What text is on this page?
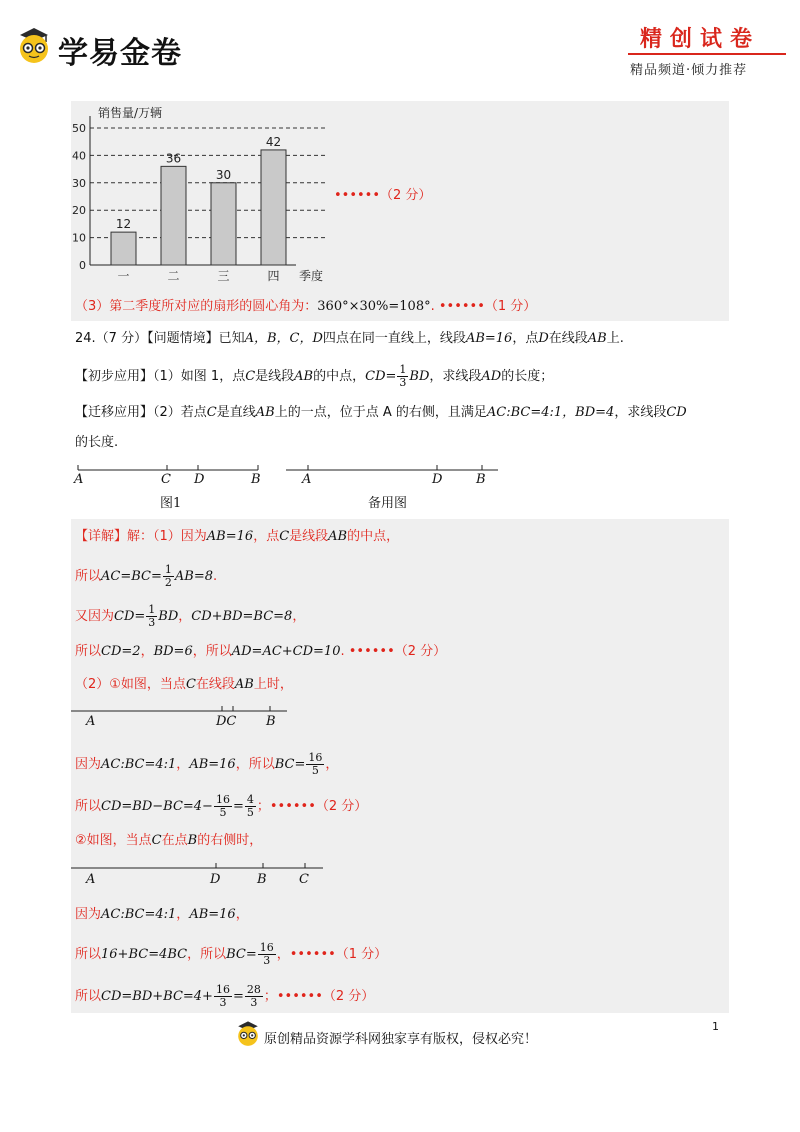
学易金卷	精创试卷
精品频道·倾力推荐
销售量/万辆
0
10
20
30
40
50
12
一
36
二
30
三
42
四 季度
••••••（2 分）
（3）第二季度所对应的扇形的圆心角为：360°×30%=108°. ••••••（1 分）
24.（7 分）【问题情境】已知A，B，C，D四点在同一直线上，线段AB=16，点D在线段AB上.
【初步应用】（1）如图 1，点C是线段AB的中点，$CD= \frac{1}{3}$ BD，求线段AD的长度；
【迁移应用】（2）若点C是直线AB上的一点，位于点 A 的右侧，且满足AC:BC=4:1，BD=4，求线段CD
的长度.
A	C D	B
图1
A	D	B
备用图
【详解】解：（1）因为AB=16，点C是线段AB的中点，
所以$AC=BC= \frac{1}{2} AB=8$.
又因为$CD= \frac{1}{3}$ BD，CD+BD=BC=8，
所以CD=2，BD=6，所以AD=AC+CD=10. ••••••（2 分）
（2）①如图，当点C在线段AB上时，
A	DC B
因为AC:BC=4:1，AB=16，所以$BC= \frac{16}{5}$ ，
所以$CD=BD-BC=4- \frac{16}{5} = \frac{4}{5}$ ；••••••（2 分）
②如图，当点C在点B的右侧时，
A	D	B C
因为AC:BC=4:1，AB=16，
所以16+BC=4BC，所以$BC= \frac{16}{3}$ ，••••••（1 分）
所以$CD=BD+BC=4+ \frac{16}{3} = \frac{28}{3}$ ；••••••（2 分）
原创精品资源学科网独家享有版权，侵权必究！
1
